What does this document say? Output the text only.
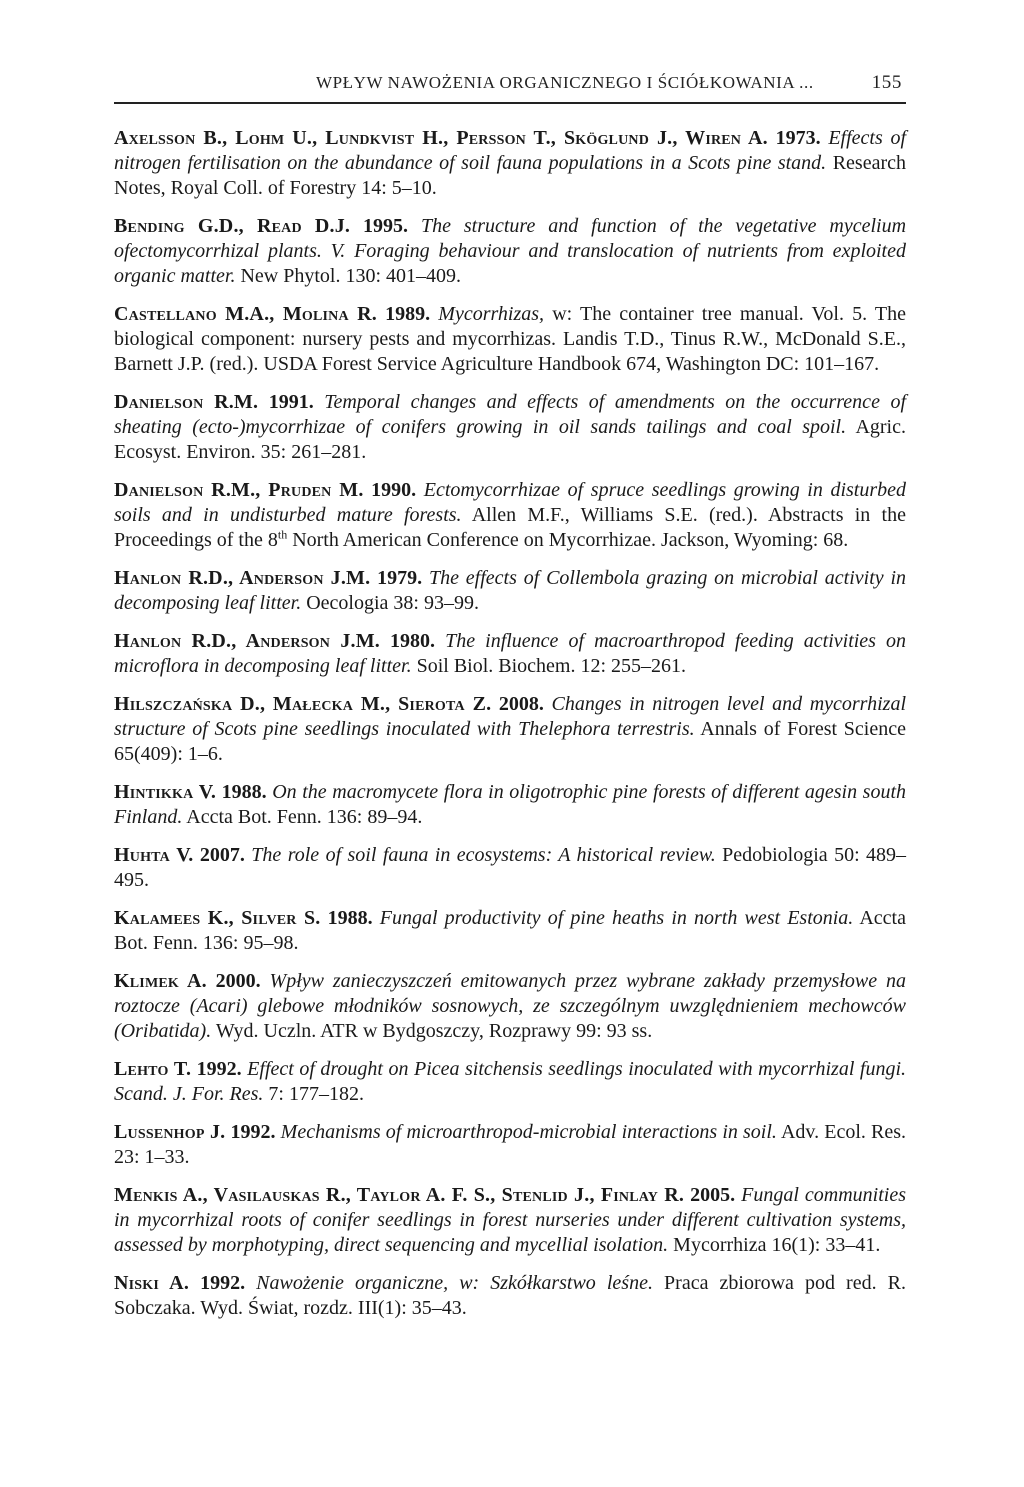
WPŁYW NAWOŻENIA ORGANICZNEGO I ŚCIÓŁKOWANIA ...	155

Axelsson B., Lohm U., Lundkvist H., Persson T., Sköglund J., Wiren A. 1973. Effects of nitrogen fertilisation on the abundance of soil fauna populations in a Scots pine stand. Research Notes, Royal Coll. of Forestry 14: 5–10.

Bending G.D., Read D.J. 1995. The structure and function of the vegetative mycelium ofectomycorrhizal plants. V. Foraging behaviour and translocation of nutrients from exploited organic matter. New Phytol. 130: 401–409.

Castellano M.A., Molina R. 1989. Mycorrhizas, w: The container tree manual. Vol. 5. The biological component: nursery pests and mycorrhizas. Landis T.D., Tinus R.W., McDonald S.E., Barnett J.P. (red.). USDA Forest Service Agriculture Handbook 674, Washington DC: 101–167.

Danielson R.M. 1991. Temporal changes and effects of amendments on the occurrence of sheating (ecto-)mycorrhizae of conifers growing in oil sands tailings and coal spoil. Agric. Ecosyst. Environ. 35: 261–281.

Danielson R.M., Pruden M. 1990. Ectomycorrhizae of spruce seedlings growing in disturbed soils and in undisturbed mature forests. Allen M.F., Williams S.E. (red.). Abstracts in the Proceedings of the 8th North American Conference on Mycorrhizae. Jackson, Wyoming: 68.

Hanlon R.D., Anderson J.M. 1979. The effects of Collembola grazing on microbial activity in decomposing leaf litter. Oecologia 38: 93–99.

Hanlon R.D., Anderson J.M. 1980. The influence of macroarthropod feeding activities on microflora in decomposing leaf litter. Soil Biol. Biochem. 12: 255–261.

Hilszczańska D., Małecka M., Sierota Z. 2008. Changes in nitrogen level and mycorrhizal structure of Scots pine seedlings inoculated with Thelephora terrestris. Annals of Forest Science 65(409): 1–6.

Hintikka V. 1988. On the macromycete flora in oligotrophic pine forests of different agesin south Finland. Accta Bot. Fenn. 136: 89–94.

Huhta V. 2007. The role of soil fauna in ecosystems: A historical review. Pedobiologia 50: 489–495.

Kalamees K., Silver S. 1988. Fungal productivity of pine heaths in north west Estonia. Accta Bot. Fenn. 136: 95–98.

Klimek A. 2000. Wpływ zanieczyszczeń emitowanych przez wybrane zakłady przemysłowe na roztocze (Acari) glebowe młodników sosnowych, ze szczególnym uwzględnieniem mechowców (Oribatida). Wyd. Uczln. ATR w Bydgoszczy, Rozprawy 99: 93 ss.

Lehto T. 1992. Effect of drought on Picea sitchensis seedlings inoculated with mycorrhizal fungi. Scand. J. For. Res. 7: 177–182.

Lussenhop J. 1992. Mechanisms of microarthropod-microbial interactions in soil. Adv. Ecol. Res. 23: 1–33.

Menkis A., Vasilauskas R., Taylor A. F. S., Stenlid J., Finlay R. 2005. Fungal communities in mycorrhizal roots of conifer seedlings in forest nurseries under different cultivation systems, assessed by morphotyping, direct sequencing and mycellial isolation. Mycorrhiza 16(1): 33–41.

Niski A. 1992. Nawożenie organiczne, w: Szkółkarstwo leśne. Praca zbiorowa pod red. R. Sobczaka. Wyd. Świat, rozdz. III(1): 35–43.
